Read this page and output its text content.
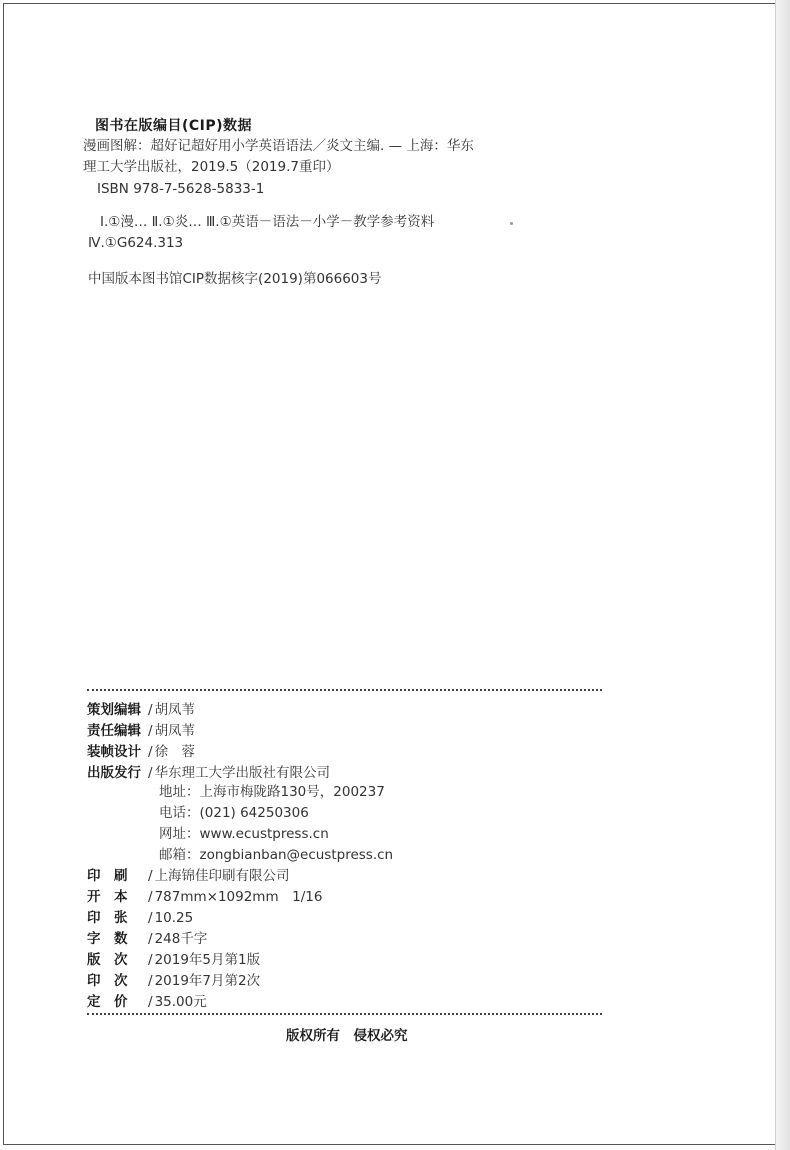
图书在版编目(CIP)数据
漫画图解：超好记超好用小学英语语法／炎文主编. — 上海：华东
理工大学出版社，2019.5（2019.7重印）
ISBN 978-7-5628-5833-1
Ⅰ.①漫… Ⅱ.①炎… Ⅲ.①英语－语法－小学－教学参考资料
Ⅳ.①G624.313
中国版本图书馆CIP数据核字(2019)第066603号
策划编辑 / 胡凤苇
责任编辑 / 胡凤苇
装帧设计 / 徐　蓉
出版发行 / 华东理工大学出版社有限公司
地址：上海市梅陇路130号，200237
电话：(021) 64250306
网址：www.ecustpress.cn
邮箱：zongbianban@ecustpress.cn
印　刷 / 上海锦佳印刷有限公司
开　本 / 787mm×1092mm　1/16
印　张 / 10.25
字　数 / 248千字
版　次 / 2019年5月第1版
印　次 / 2019年7月第2次
定　价 / 35.00元
版权所有　侵权必究
